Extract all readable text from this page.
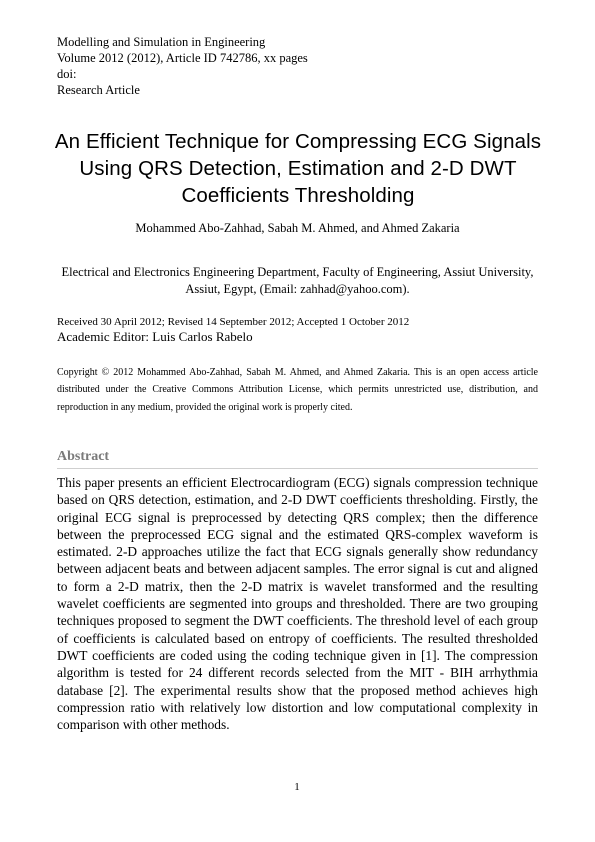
Modelling and Simulation in Engineering
Volume 2012 (2012), Article ID 742786, xx pages
doi:
Research Article
An Efficient Technique for Compressing ECG Signals Using QRS Detection, Estimation and 2-D DWT Coefficients Thresholding
Mohammed Abo-Zahhad, Sabah M. Ahmed, and Ahmed Zakaria
Electrical and Electronics Engineering Department, Faculty of Engineering, Assiut University, Assiut, Egypt, (Email: zahhad@yahoo.com).
Received 30 April 2012; Revised 14 September 2012; Accepted 1 October 2012
Academic Editor: Luis Carlos Rabelo
Copyright © 2012 Mohammed Abo-Zahhad, Sabah M. Ahmed, and Ahmed Zakaria. This is an open access article distributed under the Creative Commons Attribution License, which permits unrestricted use, distribution, and reproduction in any medium, provided the original work is properly cited.
Abstract
This paper presents an efficient Electrocardiogram (ECG) signals compression technique based on QRS detection, estimation, and 2-D DWT coefficients thresholding. Firstly, the original ECG signal is preprocessed by detecting QRS complex; then the difference between the preprocessed ECG signal and the estimated QRS-complex waveform is estimated. 2-D approaches utilize the fact that ECG signals generally show redundancy between adjacent beats and between adjacent samples. The error signal is cut and aligned to form a 2-D matrix, then the 2-D matrix is wavelet transformed and the resulting wavelet coefficients are segmented into groups and thresholded. There are two grouping techniques proposed to segment the DWT coefficients. The threshold level of each group of coefficients is calculated based on entropy of coefficients. The resulted thresholded DWT coefficients are coded using the coding technique given in [1]. The compression algorithm is tested for 24 different records selected from the MIT - BIH arrhythmia database [2]. The experimental results show that the proposed method achieves high compression ratio with relatively low distortion and low computational complexity in comparison with other methods.
1
